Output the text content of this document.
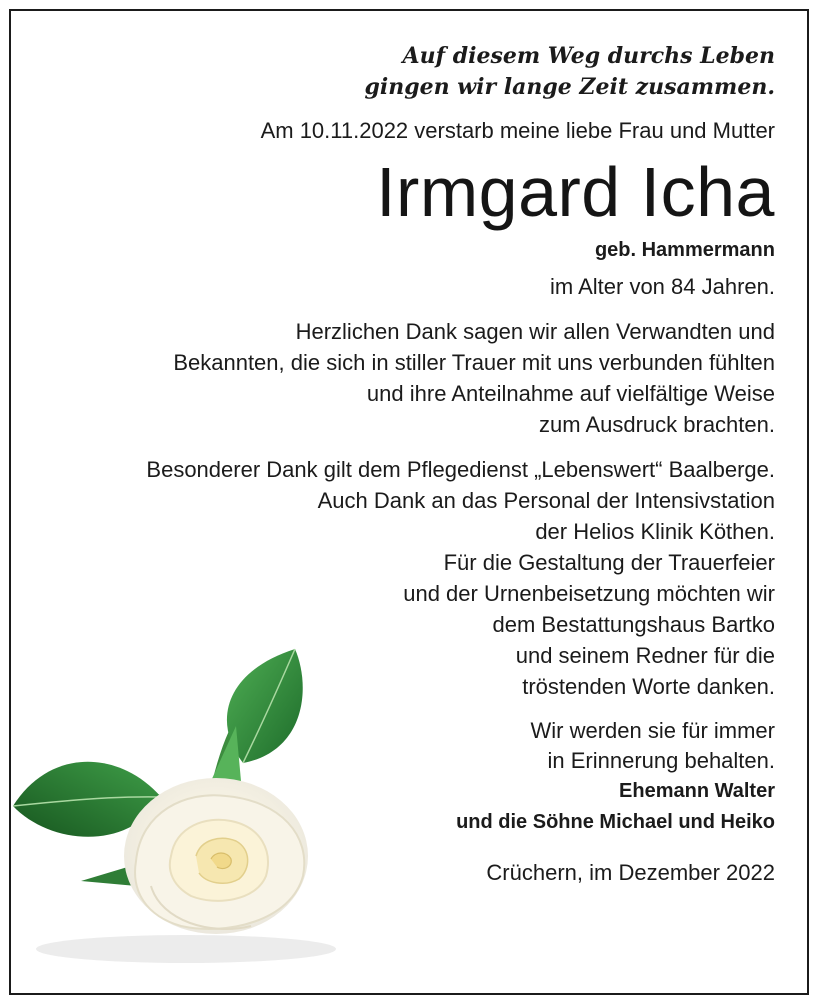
Auf diesem Weg durchs Leben
gingen wir lange Zeit zusammen.

Am 10.11.2022 verstarb meine liebe Frau und Mutter

Irmgard Icha

geb. Hammermann

im Alter von 84 Jahren.

Herzlichen Dank sagen wir allen Verwandten und
Bekannten, die sich in stiller Trauer mit uns verbunden fühlten
und ihre Anteilnahme auf vielfältige Weise
zum Ausdruck brachten.

Besonderer Dank gilt dem Pflegedienst „Lebenswert“ Baalberge.
Auch Dank an das Personal der Intensivstation
der Helios Klinik Köthen.
Für die Gestaltung der Trauerfeier
und der Urnenbeisetzung möchten wir
dem Bestattungshaus Bartko
und seinem Redner für die
tröstenden Worte danken.

Wir werden sie für immer
in Erinnerung behalten.
Ehemann Walter
und die Söhne Michael und Heiko

Crüchern, im Dezember 2022
